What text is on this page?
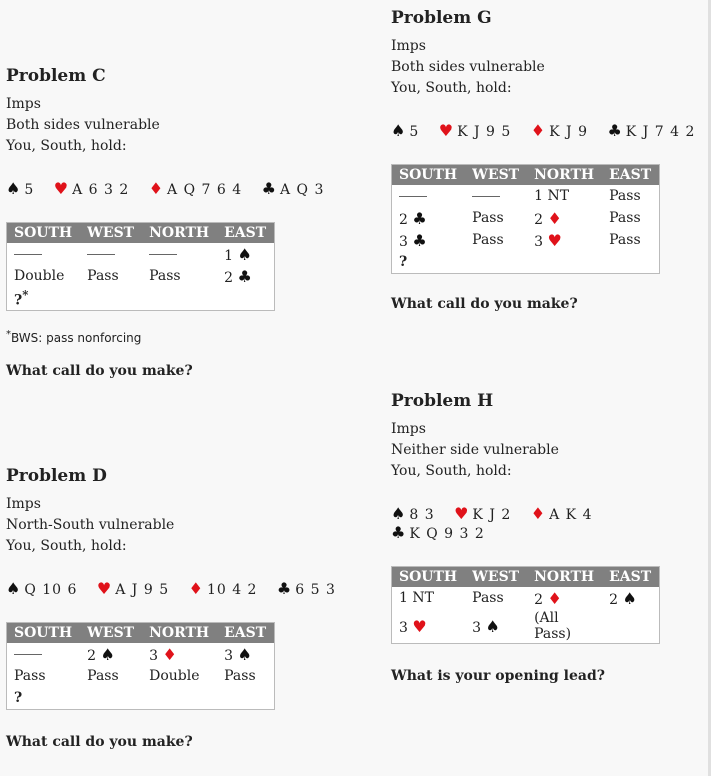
Problem C
Imps
Both sides vulnerable
You, South, hold:
♠ 5 ♥ A 6 3 2 ♦ A Q 7 6 4 ♣ A Q 3
SOUTH	WEST	NORTH	EAST
			1 ♠
Double	Pass	Pass	2 ♣
?*			
*BWS: pass nonforcing
What call do you make?
Problem D
Imps
North-South vulnerable
You, South, hold:
♠ Q 10 6 ♥ A J 9 5 ♦ 10 4 2 ♣ 6 5 3
SOUTH	WEST	NORTH	EAST
	2 ♠	3 ♦	3 ♠
Pass	Pass	Double	Pass
?			
What call do you make?
Problem G
Imps
Both sides vulnerable
You, South, hold:
♠ 5 ♥ K J 9 5 ♦ K J 9 ♣ K J 7 4 2
SOUTH	WEST	NORTH	EAST
		1 NT	Pass
2 ♣	Pass	2 ♦	Pass
3 ♣	Pass	3 ♥	Pass
?			
What call do you make?
Problem H
Imps
Neither side vulnerable
You, South, hold:
♠ 8 3 ♥ K J 2 ♦ A K 4 ♣ K Q 9 3 2
SOUTH	WEST	NORTH	EAST
1 NT	Pass	2 ♦	2 ♠
3 ♥	3 ♠	(All Pass)	
What is your opening lead?
